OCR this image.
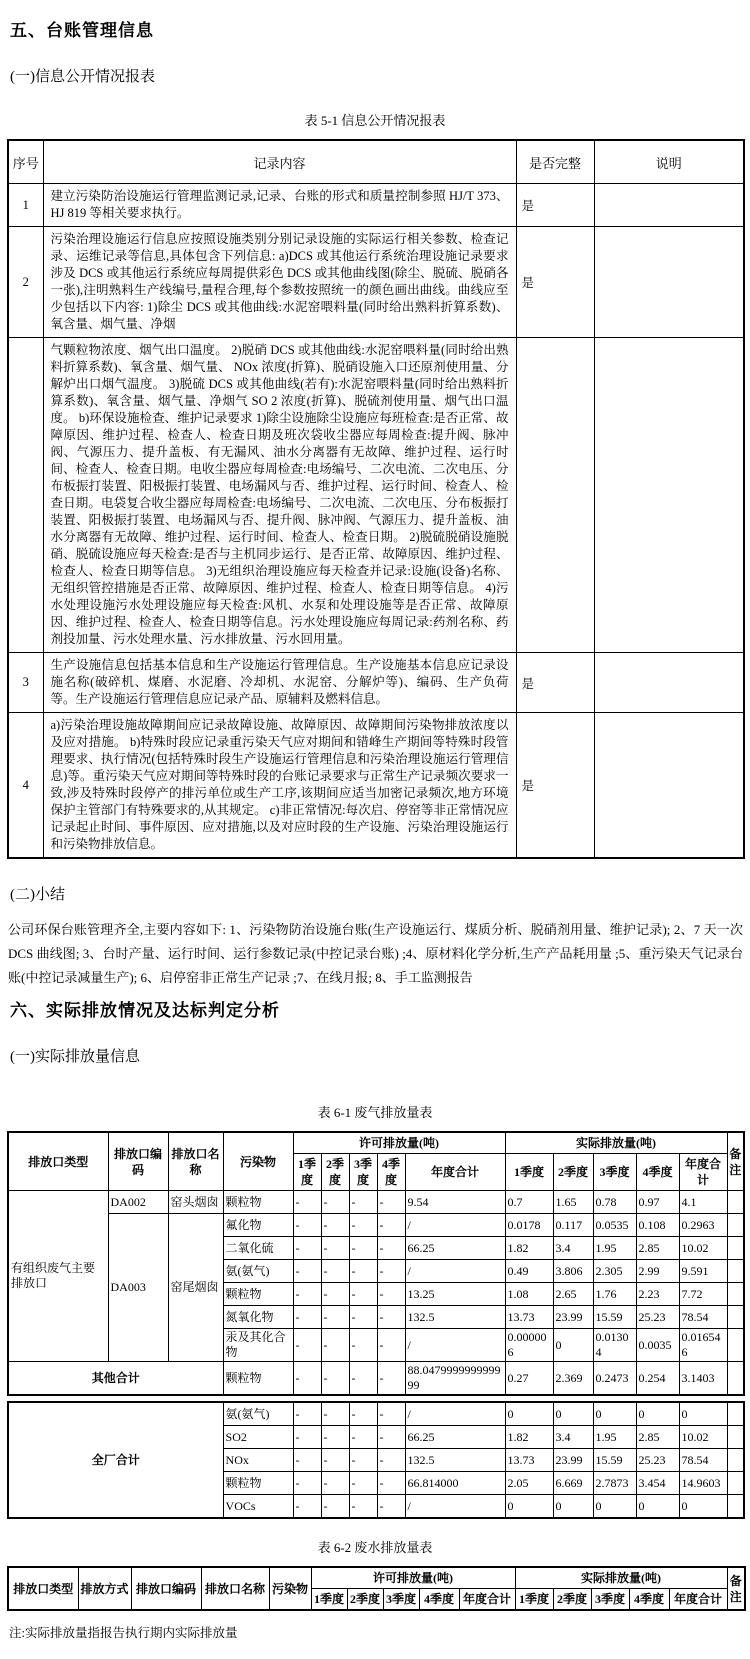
五、台账管理信息
(一)信息公开情况报表

表 5-1 信息公开情况报表

序号	记录内容	是否完整	说明
1	建立污染防治设施运行管理监测记录,记录、台账的形式和质量控制参照 HJ/T 373、HJ 819 等相关要求执行。	是	
2	污染治理设施运行信息应按照设施类别分别记录设施的实际运行相关参数、检查记录、运维记录等信息,具体包含下列信息: a)DCS 或其他运行系统治理设施记录要求涉及 DCS 或其他运行系统应每周提供彩色 DCS 或其他曲线图(除尘、脱硫、脱硝各一张),注明熟料生产线编号,量程合理,每个参数按照统一的颜色画出曲线。曲线应至少包括以下内容: 1)除尘 DCS 或其他曲线:水泥窑喂料量(同时给出熟料折算系数)、氧含量、烟气量、净烟	是	
	气颗粒物浓度、烟气出口温度。 2)脱硝 DCS 或其他曲线:水泥窑喂料量(同时给出熟料折算系数)、氧含量、烟气量、 NOx 浓度(折算)、脱硝设施入口还原剂使用量、分解炉出口烟气温度。 3)脱硫 DCS 或其他曲线(若有):水泥窑喂料量(同时给出熟料折算系数)、氧含量、烟气量、净烟气 SO 2 浓度(折算)、脱硫剂使用量、烟气出口温度。 b)环保设施检查、维护记录要求 1)除尘设施除尘设施应每班检查:是否正常、故障原因、维护过程、检查人、检查日期及班次袋收尘器应每周检查:提升阀、脉冲阀、气源压力、提升盖板、有无漏风、油水分离器有无故障、维护过程、运行时间、检查人、检查日期。电收尘器应每周检查:电场编号、二次电流、二次电压、分布板振打装置、阳极振打装置、电场漏风与否、维护过程、运行时间、检查人、检查日期。电袋复合收尘器应每周检查:电场编号、二次电流、二次电压、分布板振打装置、阳极振打装置、电场漏风与否、提升阀、脉冲阀、气源压力、提升盖板、油水分离器有无故障、维护过程、运行时间、检查人、检查日期。 2)脱硫脱硝设施脱硝、脱硫设施应每天检查:是否与主机同步运行、是否正常、故障原因、维护过程、检查人、检查日期等信息。 3)无组织治理设施应每天检查并记录:设施(设备)名称、无组织管控措施是否正常、故障原因、维护过程、检查人、检查日期等信息。 4)污水处理设施污水处理设施应每天检查:风机、水泵和处理设施等是否正常、故障原因、维护过程、检查人、检查日期等信息。污水处理设施应每周记录:药剂名称、药剂投加量、污水处理水量、污水排放量、污水回用量。		
3	生产设施信息包括基本信息和生产设施运行管理信息。生产设施基本信息应记录设施名称(破碎机、煤磨、水泥磨、冷却机、水泥窑、分解炉等)、编码、生产负荷等。生产设施运行管理信息应记录产品、原辅料及燃料信息。	是	
4	a)污染治理设施故障期间应记录故障设施、故障原因、故障期间污染物排放浓度以及应对措施。 b)特殊时段应记录重污染天气应对期间和错峰生产期间等特殊时段管理要求、执行情况(包括特殊时段生产设施运行管理信息和污染治理设施运行管理信息)等。重污染天气应对期间等特殊时段的台账记录要求与正常生产记录频次要求一致,涉及特殊时段停产的排污单位或生产工序,该期间应适当加密记录频次,地方环境保护主管部门有特殊要求的,从其规定。 c)非正常情况:每次启、停窑等非正常情况应记录起止时间、事件原因、应对措施,以及对应时段的生产设施、污染治理设施运行和污染物排放信息。	是	
(二)小结

公司环保台账管理齐全,主要内容如下: 1、污染物防治设施台账(生产设施运行、煤质分析、脱硝剂用量、维护记录); 2、7 天一次 DCS 曲线图; 3、台时产量、运行时间、运行参数记录(中控记录台账) ;4、原材料化学分析,生产产品耗用量 ;5、重污染天气记录台账(中控记录减量生产); 6、启停窑非正常生产记录 ;7、在线月报; 8、手工监测报告

六、实际排放情况及达标判定分析
(一)实际排放量信息

表 6-1 废气排放量表

排放口类型	排放口编码	排放口名称	污染物	许可排放量(吨)					实际排放量(吨)					备注
				1季度	2季度	3季度	4季度	年度合计	1季度	2季度	3季度	4季度	年度合计	
有组织废气主要排放口	DA002	窑头烟囱	颗粒物	-	-	-	-	9.54	0.7	1.65	0.78	0.97	4.1	
	DA003	窑尾烟囱	氟化物	-	-	-	-	/	0.0178	0.117	0.0535	0.108	0.2963	
			二氧化硫	-	-	-	-	66.25	1.82	3.4	1.95	2.85	10.02	
			氨(氨气)	-	-	-	-	/	0.49	3.806	2.305	2.99	9.591	
			颗粒物	-	-	-	-	13.25	1.08	2.65	1.76	2.23	7.72	
			氮氧化物	-	-	-	-	132.5	13.73	23.99	15.59	25.23	78.54	
			汞及其化合物	-	-	-	-	/	0.000006	0	0.01304	0.0035	0.016546	
其他合计			颗粒物	-	-	-	-	88.047999999999999	0.27	2.369	0.2473	0.254	3.1403	
全厂合计	氨(氨气)	-	-	-	-	/	0	0	0	0	0	
	SO2	-	-	-	-	66.25	1.82	3.4	1.95	2.85	10.02	
	NOx	-	-	-	-	132.5	13.73	23.99	15.59	25.23	78.54	
	颗粒物	-	-	-	-	66.814000	2.05	6.669	2.7873	3.454	14.9603	
	VOCs	-	-	-	-	/	0	0	0	0	0	

表 6-2 废水排放量表

排放口类型	排放方式	排放口编码	排放口名称	污染物	许可排放量(吨)					实际排放量(吨)					备注
					1季度	2季度	3季度	4季度	年度合计	1季度	2季度	3季度	4季度	年度合计	

注:实际排放量指报告执行期内实际排放量
